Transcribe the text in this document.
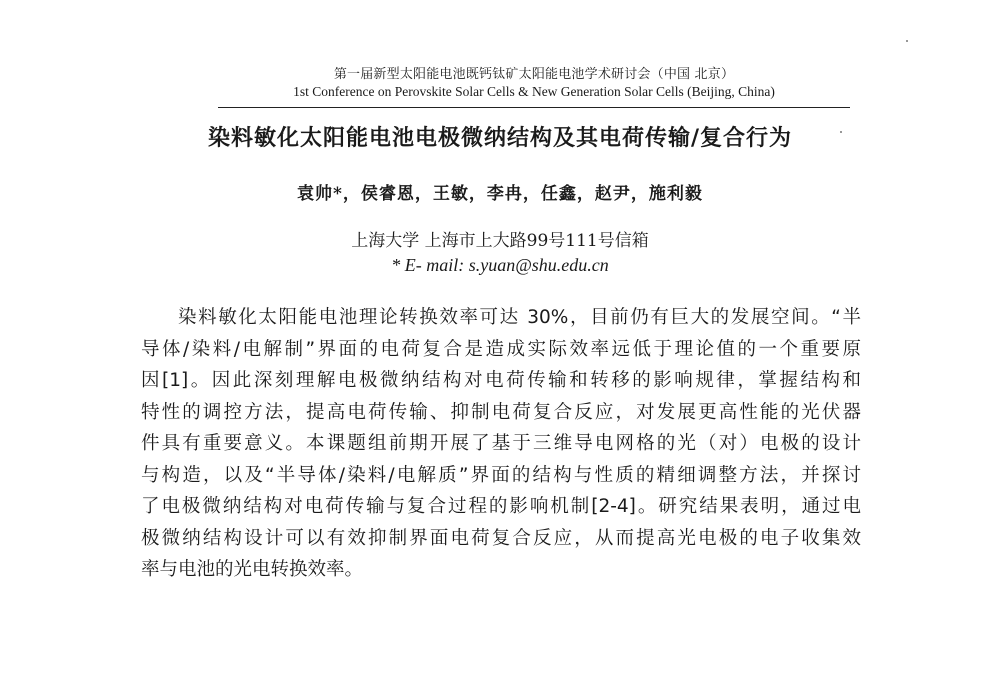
第一届新型太阳能电池既钙钛矿太阳能电池学术研讨会（中国 北京）
1st Conference on Perovskite Solar Cells & New Generation Solar Cells (Beijing, China)
染料敏化太阳能电池电极微纳结构及其电荷传输/复合行为
袁帅*，侯睿恩，王敏，李冉，任鑫，赵尹，施利毅
上海大学 上海市上大路99号111号信箱
* E- mail: s.yuan@shu.edu.cn
染料敏化太阳能电池理论转换效率可达 30%，目前仍有巨大的发展空间。“半
导体/染料/电解制”界面的电荷复合是造成实际效率远低于理论值的一个重要原
因[1]。因此深刻理解电极微纳结构对电荷传输和转移的影响规律，掌握结构和
特性的调控方法，提高电荷传输、抑制电荷复合反应，对发展更高性能的光伏器
件具有重要意义。本课题组前期开展了基于三维导电网格的光（对）电极的设计
与构造，以及“半导体/染料/电解质”界面的结构与性质的精细调整方法，并探讨
了电极微纳结构对电荷传输与复合过程的影响机制[2-4]。研究结果表明，通过电
极微纳结构设计可以有效抑制界面电荷复合反应，从而提高光电极的电子收集效
率与电池的光电转换效率。
